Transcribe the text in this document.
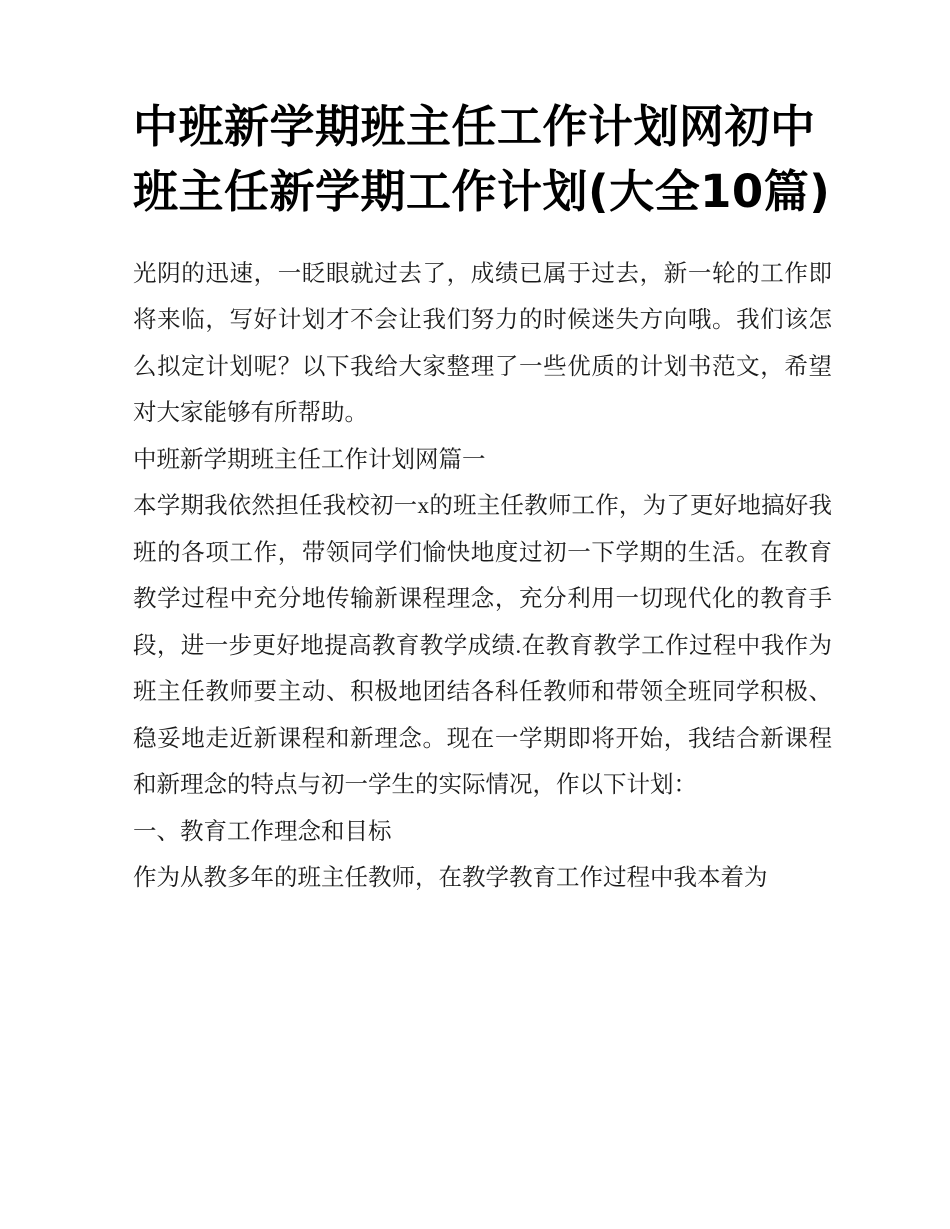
中班新学期班主任工作计划网初中班主任新学期工作计划(大全10篇)

光阴的迅速，一眨眼就过去了，成绩已属于过去，新一轮的工作即将来临，写好计划才不会让我们努力的时候迷失方向哦。我们该怎么拟定计划呢？以下我给大家整理了一些优质的计划书范文，希望对大家能够有所帮助。

中班新学期班主任工作计划网篇一

本学期我依然担任我校初一x的班主任教师工作，为了更好地搞好我班的各项工作，带领同学们愉快地度过初一下学期的生活。在教育教学过程中充分地传输新课程理念，充分利用一切现代化的教育手段，进一步更好地提高教育教学成绩.在教育教学工作过程中我作为班主任教师要主动、积极地团结各科任教师和带领全班同学积极、稳妥地走近新课程和新理念。现在一学期即将开始，我结合新课程和新理念的特点与初一学生的实际情况，作以下计划：

一、教育工作理念和目标

作为从教多年的班主任教师，在教学教育工作过程中我本着为
